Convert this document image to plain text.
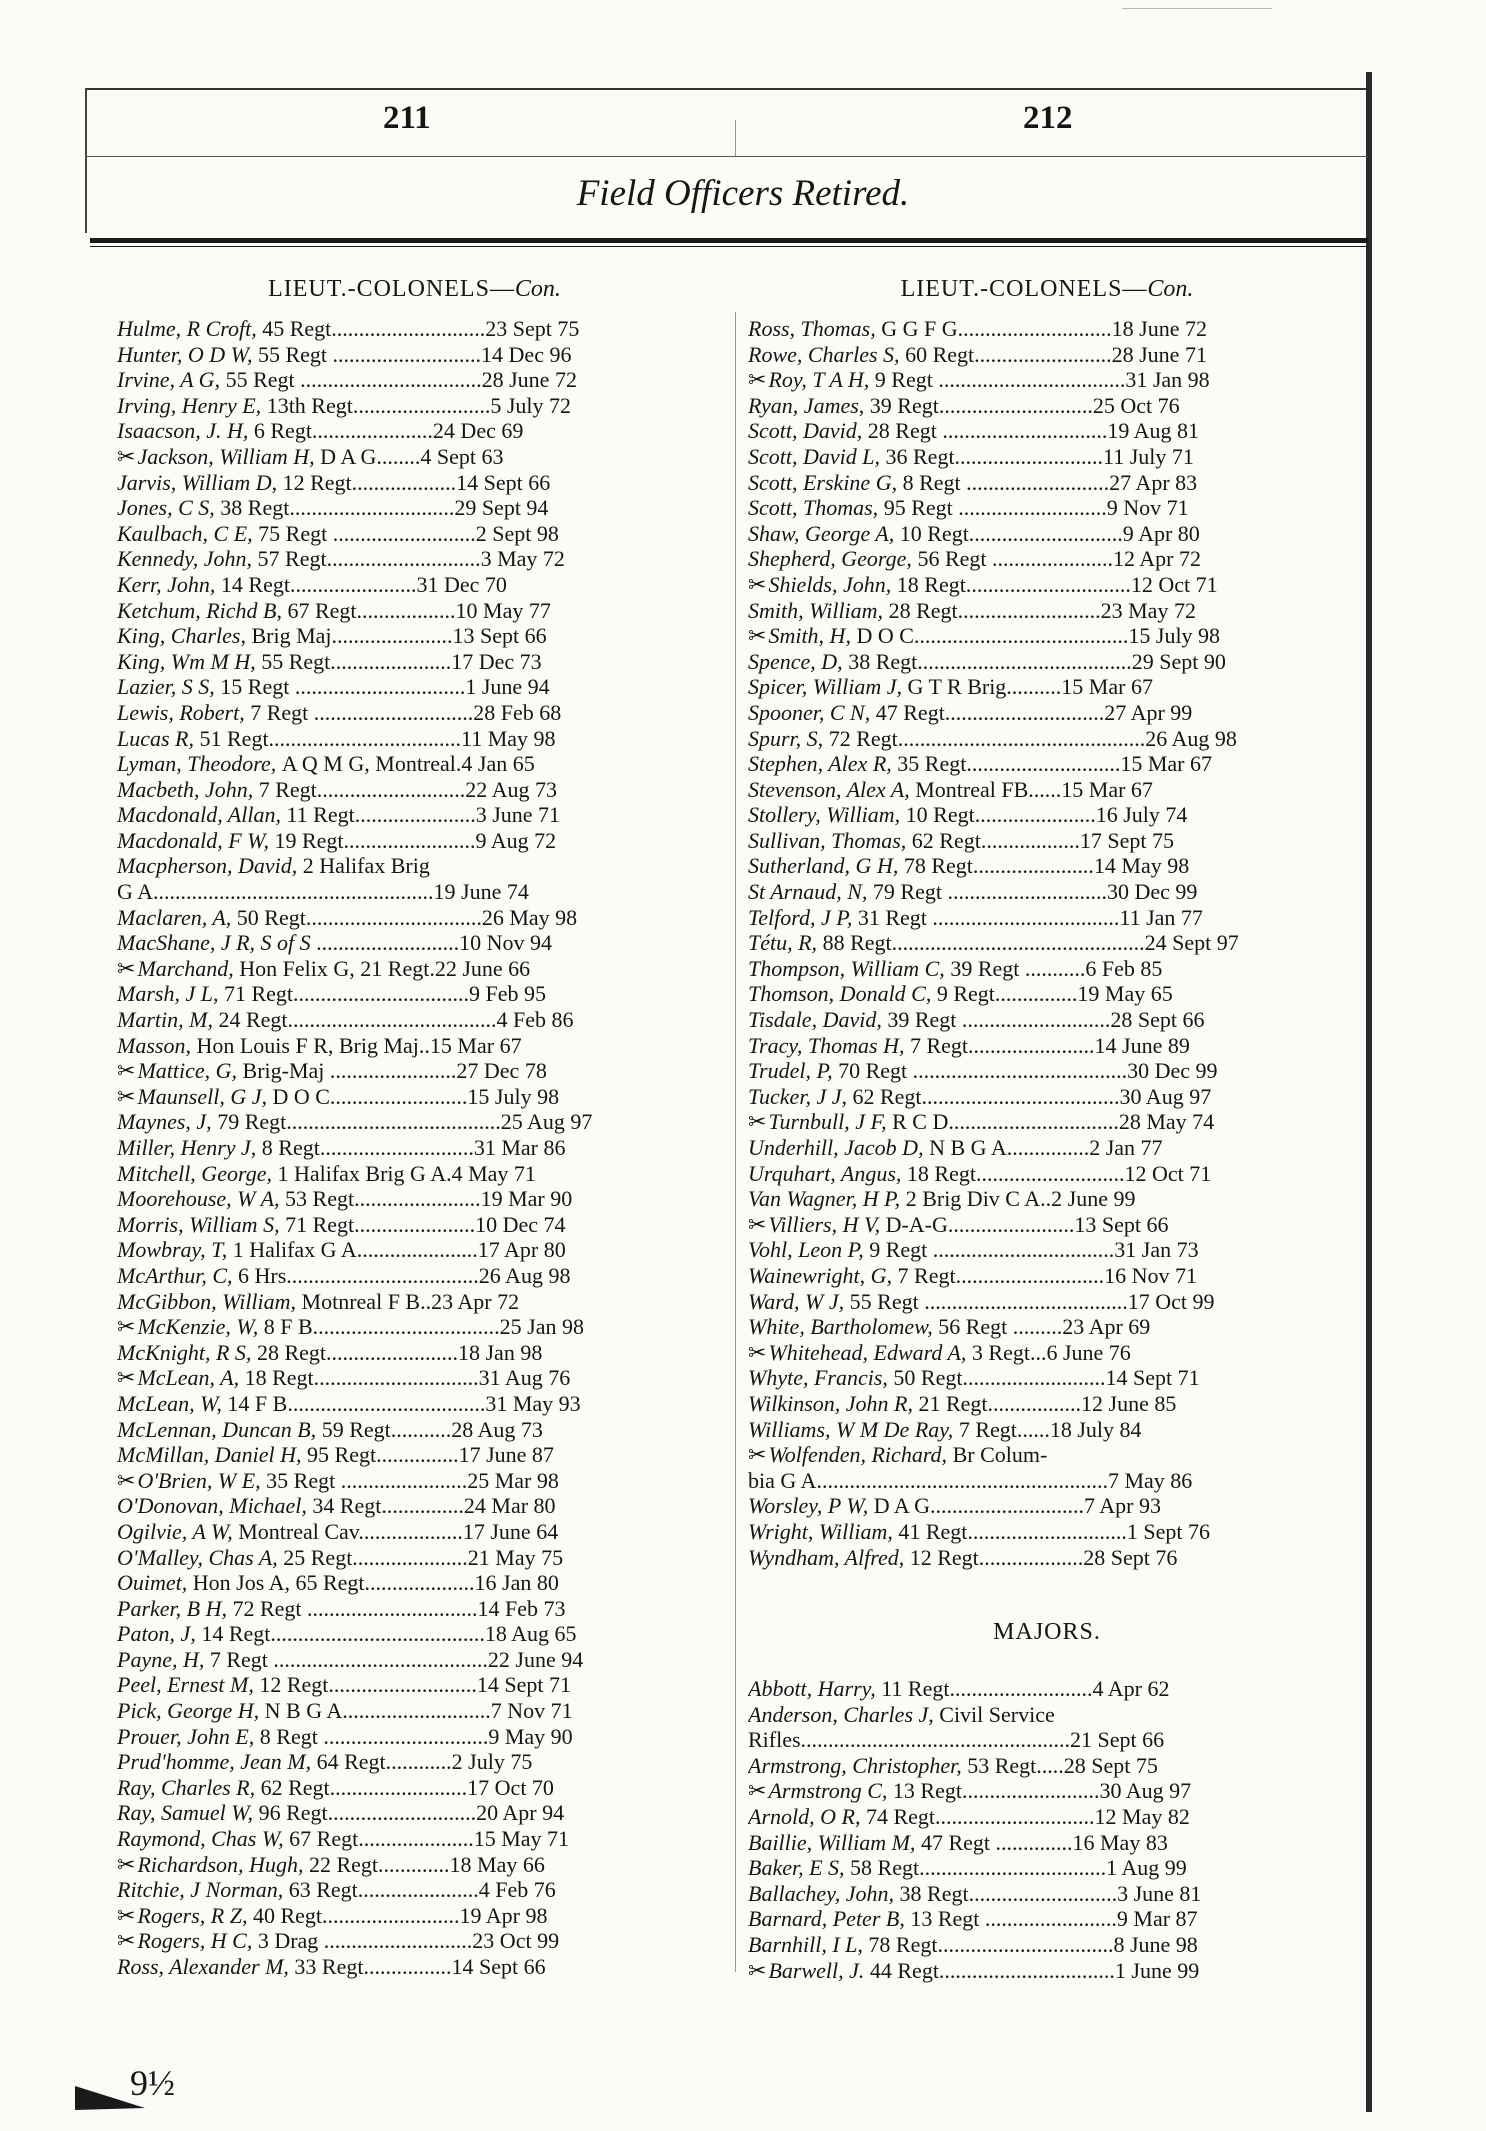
211	212
Field Officers Retired.
LIEUT.-COLONELS—Con.
Hulme, R Croft, 45 Regt............................23 Sept 75
Hunter, O D W, 55 Regt ...........................14 Dec 96
Irvine, A G, 55 Regt .................................28 June 72
Irving, Henry E, 13th Regt.........................5 July 72
Isaacson, J. H, 6 Regt......................24 Dec 69
✂Jackson, William H, D A G........4 Sept 63
Jarvis, William D, 12 Regt...................14 Sept 66
Jones, C S, 38 Regt..............................29 Sept 94
Kaulbach, C E, 75 Regt ..........................2 Sept 98
Kennedy, John, 57 Regt............................3 May 72
Kerr, John, 14 Regt.......................31 Dec 70
Ketchum, Richd B, 67 Regt..................10 May 77
King, Charles, Brig Maj......................13 Sept 66
King, Wm M H, 55 Regt......................17 Dec 73
Lazier, S S, 15 Regt ...............................1 June 94
Lewis, Robert, 7 Regt .............................28 Feb 68
Lucas R, 51 Regt...................................11 May 98
Lyman, Theodore, A Q M G, Montreal.4 Jan 65
Macbeth, John, 7 Regt...........................22 Aug 73
Macdonald, Allan, 11 Regt......................3 June 71
Macdonald, F W, 19 Regt........................9 Aug 72
Macpherson, David, 2 Halifax Brig
G A...................................................19 June 74
Maclaren, A, 50 Regt................................26 May 98
MacShane, J R, S of S ..........................10 Nov 94
✂Marchand, Hon Felix G, 21 Regt.22 June 66
Marsh, J L, 71 Regt................................9 Feb 95
Martin, M, 24 Regt......................................4 Feb 86
Masson, Hon Louis F R, Brig Maj..15 Mar 67
✂Mattice, G, Brig-Maj .......................27 Dec 78
✂Maunsell, G J, D O C.........................15 July 98
Maynes, J, 79 Regt.......................................25 Aug 97
Miller, Henry J, 8 Regt............................31 Mar 86
Mitchell, George, 1 Halifax Brig G A.4 May 71
Moorehouse, W A, 53 Regt.......................19 Mar 90
Morris, William S, 71 Regt......................10 Dec 74
Mowbray, T, 1 Halifax G A......................17 Apr 80
McArthur, C, 6 Hrs...................................26 Aug 98
McGibbon, William, Motnreal F B..23 Apr 72
✂McKenzie, W, 8 F B..................................25 Jan 98
McKnight, R S, 28 Regt........................18 Jan 98
✂McLean, A, 18 Regt..............................31 Aug 76
McLean, W, 14 F B....................................31 May 93
McLennan, Duncan B, 59 Regt...........28 Aug 73
McMillan, Daniel H, 95 Regt...............17 June 87
✂O'Brien, W E, 35 Regt .......................25 Mar 98
O'Donovan, Michael, 34 Regt...............24 Mar 80
Ogilvie, A W, Montreal Cav...................17 June 64
O'Malley, Chas A, 25 Regt.....................21 May 75
Ouimet, Hon Jos A, 65 Regt....................16 Jan 80
Parker, B H, 72 Regt ...............................14 Feb 73
Paton, J, 14 Regt.......................................18 Aug 65
Payne, H, 7 Regt .......................................22 June 94
Peel, Ernest M, 12 Regt...........................14 Sept 71
Pick, George H, N B G A...........................7 Nov 71
Prouer, John E, 8 Regt ..............................9 May 90
Prud'homme, Jean M, 64 Regt............2 July 75
Ray, Charles R, 62 Regt.........................17 Oct 70
Ray, Samuel W, 96 Regt...........................20 Apr 94
Raymond, Chas W, 67 Regt.....................15 May 71
✂Richardson, Hugh, 22 Regt.............18 May 66
Ritchie, J Norman, 63 Regt......................4 Feb 76
✂Rogers, R Z, 40 Regt.........................19 Apr 98
✂Rogers, H C, 3 Drag ...........................23 Oct 99
Ross, Alexander M, 33 Regt................14 Sept 66
LIEUT.-COLONELS—Con.
Ross, Thomas, G G F G............................18 June 72
Rowe, Charles S, 60 Regt.........................28 June 71
✂Roy, T A H, 9 Regt ..................................31 Jan 98
Ryan, James, 39 Regt............................25 Oct 76
Scott, David, 28 Regt ..............................19 Aug 81
Scott, David L, 36 Regt...........................11 July 71
Scott, Erskine G, 8 Regt ..........................27 Apr 83
Scott, Thomas, 95 Regt ...........................9 Nov 71
Shaw, George A, 10 Regt............................9 Apr 80
Shepherd, George, 56 Regt ......................12 Apr 72
✂Shields, John, 18 Regt..............................12 Oct 71
Smith, William, 28 Regt..........................23 May 72
✂Smith, H, D O C.......................................15 July 98
Spence, D, 38 Regt.......................................29 Sept 90
Spicer, William J, G T R Brig..........15 Mar 67
Spooner, C N, 47 Regt.............................27 Apr 99
Spurr, S, 72 Regt.............................................26 Aug 98
Stephen, Alex R, 35 Regt............................15 Mar 67
Stevenson, Alex A, Montreal FB......15 Mar 67
Stollery, William, 10 Regt......................16 July 74
Sullivan, Thomas, 62 Regt..................17 Sept 75
Sutherland, G H, 78 Regt......................14 May 98
St Arnaud, N, 79 Regt .............................30 Dec 99
Telford, J P, 31 Regt ..................................11 Jan 77
Tétu, R, 88 Regt..............................................24 Sept 97
Thompson, William C, 39 Regt ...........6 Feb 85
Thomson, Donald C, 9 Regt...............19 May 65
Tisdale, David, 39 Regt ...........................28 Sept 66
Tracy, Thomas H, 7 Regt.......................14 June 89
Trudel, P, 70 Regt .......................................30 Dec 99
Tucker, J J, 62 Regt....................................30 Aug 97
✂Turnbull, J F, R C D...............................28 May 74
Underhill, Jacob D, N B G A...............2 Jan 77
Urquhart, Angus, 18 Regt...........................12 Oct 71
Van Wagner, H P, 2 Brig Div C A..2 June 99
✂Villiers, H V, D-A-G.......................13 Sept 66
Vohl, Leon P, 9 Regt .................................31 Jan 73
Wainewright, G, 7 Regt...........................16 Nov 71
Ward, W J, 55 Regt .....................................17 Oct 99
White, Bartholomew, 56 Regt .........23 Apr 69
✂Whitehead, Edward A, 3 Regt...6 June 76
Whyte, Francis, 50 Regt..........................14 Sept 71
Wilkinson, John R, 21 Regt.................12 June 85
Williams, W M De Ray, 7 Regt......18 July 84
✂Wolfenden, Richard, Br Colum-
bia G A.....................................................7 May 86
Worsley, P W, D A G............................7 Apr 93
Wright, William, 41 Regt.............................1 Sept 76
Wyndham, Alfred, 12 Regt...................28 Sept 76
MAJORS.
Abbott, Harry, 11 Regt..........................4 Apr 62
Anderson, Charles J, Civil Service
Rifles.................................................21 Sept 66
Armstrong, Christopher, 53 Regt.....28 Sept 75
✂Armstrong C, 13 Regt.........................30 Aug 97
Arnold, O R, 74 Regt.............................12 May 82
Baillie, William M, 47 Regt ..............16 May 83
Baker, E S, 58 Regt..................................1 Aug 99
Ballachey, John, 38 Regt...........................3 June 81
Barnard, Peter B, 13 Regt ........................9 Mar 87
Barnhill, I L, 78 Regt................................8 June 98
✂Barwell, J. 44 Regt................................1 June 99
9½
